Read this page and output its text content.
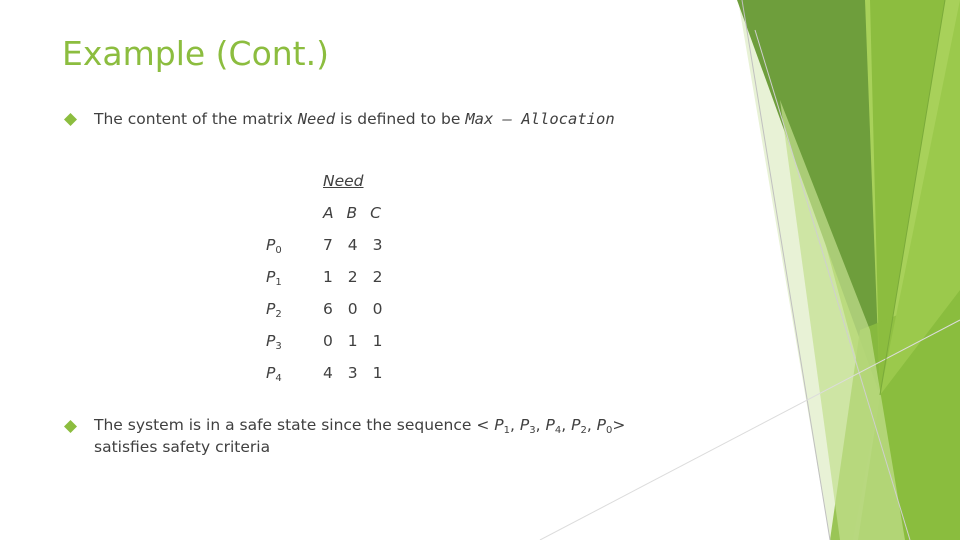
Example (Cont.)
The content of the matrix Need is defined to be Max – Allocation
Need
A B C
$P_0$	7 4 3
$P_1$	1 2 2
$P_2$	6 0 0
$P_3$	0 1 1
$P_4$	4 3 1
The system is in a safe state since the sequence < $P_1$, $P_3$, $P_4$, $P_2$, $P_0>$
satisfies safety criteria
